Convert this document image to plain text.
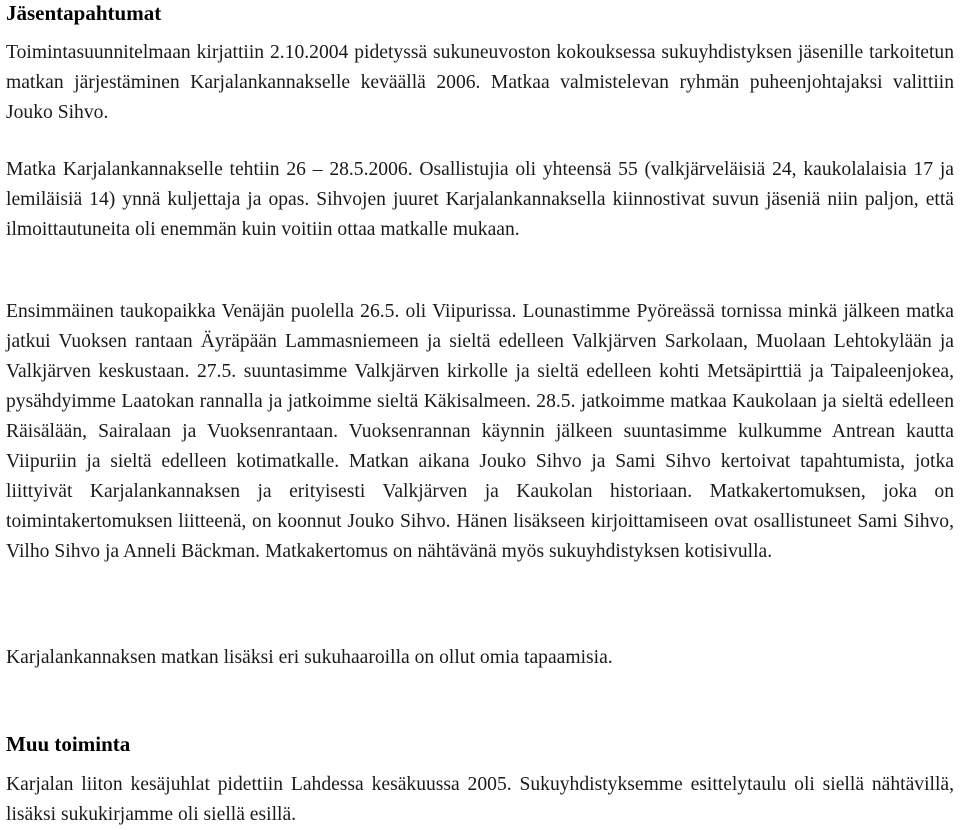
Jäsentapahtumat

Toimintasuunnitelmaan kirjattiin 2.10.2004 pidetyssä sukuneuvoston kokouksessa sukuyhdistyksen jäsenille tarkoitetun matkan järjestäminen Karjalankannakselle keväällä 2006. Matkaa valmistelevan ryhmän puheenjohtajaksi valittiin Jouko Sihvo.

Matka Karjalankannakselle tehtiin 26 – 28.5.2006. Osallistujia oli yhteensä 55 (valkjärveläisiä 24, kaukolalaisia 17 ja lemiläisiä 14) ynnä kuljettaja ja opas. Sihvojen juuret Karjalankannaksella kiinnostivat suvun jäseniä niin paljon, että ilmoittautuneita oli enemmän kuin voitiin ottaa matkalle mukaan.

Ensimmäinen taukopaikka Venäjän puolella 26.5. oli Viipurissa. Lounastimme Pyöreässä tornissa minkä jälkeen matka jatkui Vuoksen rantaan Äyräpään Lammasniemeen ja sieltä edelleen Valkjärven Sarkolaan, Muolaan Lehtokylään ja Valkjärven keskustaan. 27.5. suuntasimme Valkjärven kirkolle ja sieltä edelleen kohti Metsäpirttiä ja Taipaleenjokea, pysähdyimme Laatokan rannalla ja jatkoimme sieltä Käkisalmeen. 28.5. jatkoimme matkaa Kaukolaan ja sieltä edelleen Räisälään, Sairalaan ja Vuoksenrantaan. Vuoksenrannan käynnin jälkeen suuntasimme kulkumme Antrean kautta Viipuriin ja sieltä edelleen kotimatkalle. Matkan aikana Jouko Sihvo ja Sami Sihvo kertoivat tapahtumista, jotka liittyivät Karjalankannaksen ja erityisesti Valkjärven ja Kaukolan historiaan. Matkakertomuksen, joka on toimintakertomuksen liitteenä, on koonnut Jouko Sihvo. Hänen lisäkseen kirjoittamiseen ovat osallistuneet Sami Sihvo, Vilho Sihvo ja Anneli Bäckman. Matkakertomus on nähtävänä myös sukuyhdistyksen kotisivulla.

Karjalankannaksen matkan lisäksi eri sukuhaaroilla on ollut omia tapaamisia.

Muu toiminta

Karjalan liiton kesäjuhlat pidettiin Lahdessa kesäkuussa 2005. Sukuyhdistyksemme esittelytaulu oli siellä nähtävillä, lisäksi sukukirjamme oli siellä esillä.
